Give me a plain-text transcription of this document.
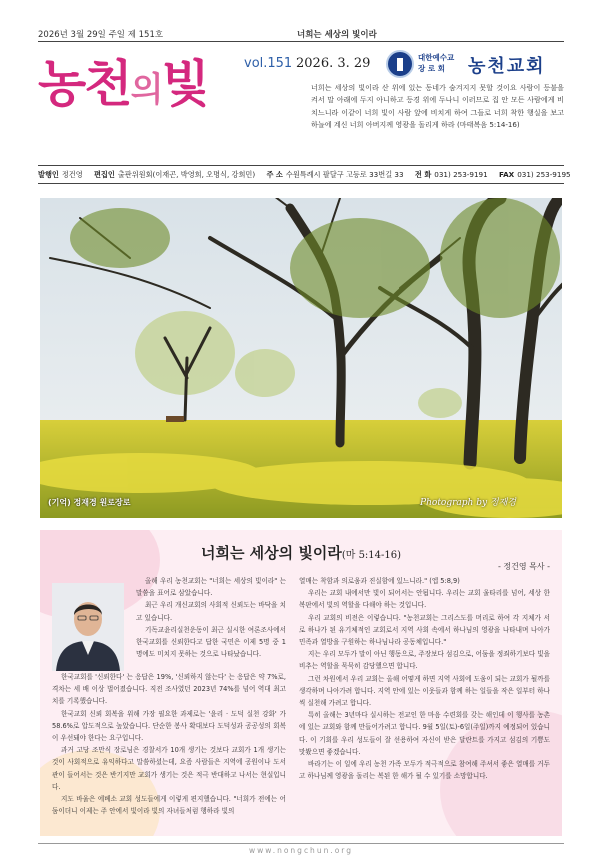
2026년 3월 29일 주일 제 151호	너희는 세상의 빛이라
농천의빛	vol.151 2026. 3. 29	대한예수교 장 로 회	농천교회
너희는 세상의 빛이라 산 위에 있는 동네가 숨겨지지 못할 것이요 사람이 등불을 켜서 말 아래에 두지 아니하고 등경 위에 두나니 이러므로 집 안 모든 사람에게 비치느니라 이같이 너희 빛이 사람 앞에 비치게 하여 그들로 너희 착한 행실을 보고 하늘에 계신 너희 아버지께 영광을 돌리게 하라 (마태복음 5:14-16)
발행인 정건영 편집인 출판위원회(이재곤, 박영희, 오명식, 강희민) 주 소 수원특례시 팔달구 고등로 33번길 33 전 화 031) 253-9191 FAX 031) 253-9195
(기억) 정재경 원로장로	Photograph by 정재경
너희는 세상의 빛이라(마 5:14-16)
- 정건영 목사 -

올해 우리 농천교회는 "너희는 세상의 빛이라" 는 말씀을 표어로 삼았습니다.

최근 우리 개신교회의 사회적 신뢰도는 바닥을 치고 있습니다.

기독교윤리실천운동이 최근 실시한 여론조사에서 한국교회를 신뢰한다고 답한 국민은 이제 5명 중 1명에도 미치지 못하는 것으로 나타났습니다.

한국교회를 '신뢰한다' 는 응답은 19%, '신뢰하지 않는다' 는 응답은 약 7%로, 격차는 세 배 이상 벌어졌습니다. 직전 조사였던 2023년 74%를 넘어 역대 최고치를 기록했습니다.

한국교회 신뢰 회복을 위해 가장 필요한 과제로는 '윤리 · 도덕 실천 강화' 가 58.6%로 압도적으로 높았습니다. 단순한 봉사 확대보다 도덕성과 공공성의 회복이 우선돼야 한다는 요구입니다.

과거 고당 조만식 장로님은 경찰서가 10개 생기는 것보다 교회가 1개 생기는 것이 사회적으로 유익하다고 말씀하셨는데, 요즘 사람들은 지역에 공원이나 도서관이 들어서는 것은 반기지만 교회가 생기는 것은 적극 반대하고 나서는 현실입니다.

지도 바울은 에베소 교회 성도들에게 이렇게 편지했습니다. "너희가 전에는 어둠이더니 이제는 주 안에서 빛이라 빛의 자녀들처럼 행하라 빛의

열매는 착함과 의로움과 진실함에 있느니라." (엡 5:8,9)

우리는 교회 내에서만 빛이 되어서는 안됩니다. 우리는 교회 울타리를 넘어, 세상 한복판에서 빛의 역할을 다해야 하는 것입니다.

우리 교회의 비전은 이렇습니다. "농천교회는 그리스도를 머리로 하여 각 지체가 서로 하나가 된 유기체적인 교회로서 지역 사회 속에서 하나님의 영광을 나타내며 나아가 민족과 열방을 구원하는 하나님나라 공동체입니다."

지는 우리 모두가 말이 아닌 행동으로, 주장보다 섬김으로, 어둠을 정죄하기보다 빛을 비추는 역할을 묵묵히 감당했으면 합니다.

그런 차원에서 우리 교회는 올해 어떻게 하면 지역 사회에 도움이 되는 교회가 될까를 생각하며 나아가려 합니다. 지역 안에 있는 이웃들과 함께 하는 일들을 작은 일부터 하나씩 실천해 가려고 합니다.

특히 올해는 3년마다 실시하는 전교인 한 마음 수련회를 갖는 해인데 이 행사를 농촌에 있는 교회와 함께 만들어가려고 합니다. 9월 5일(토)-6일(주일)까지 예정되어 있습니다. 이 기회를 우리 성도들이 잘 선용하여 자신이 받은 달란트를 가지고 섬김의 기쁨도 맛봤으면 좋겠습니다.

바라기는 이 일에 우리 농천 가족 모두가 적극적으로 참여해 주셔서 좋은 열매를 거두고 하나님께 영광을 돌리는 복된 한 해가 될 수 있기를 소망합니다.

www.nongchun.org
